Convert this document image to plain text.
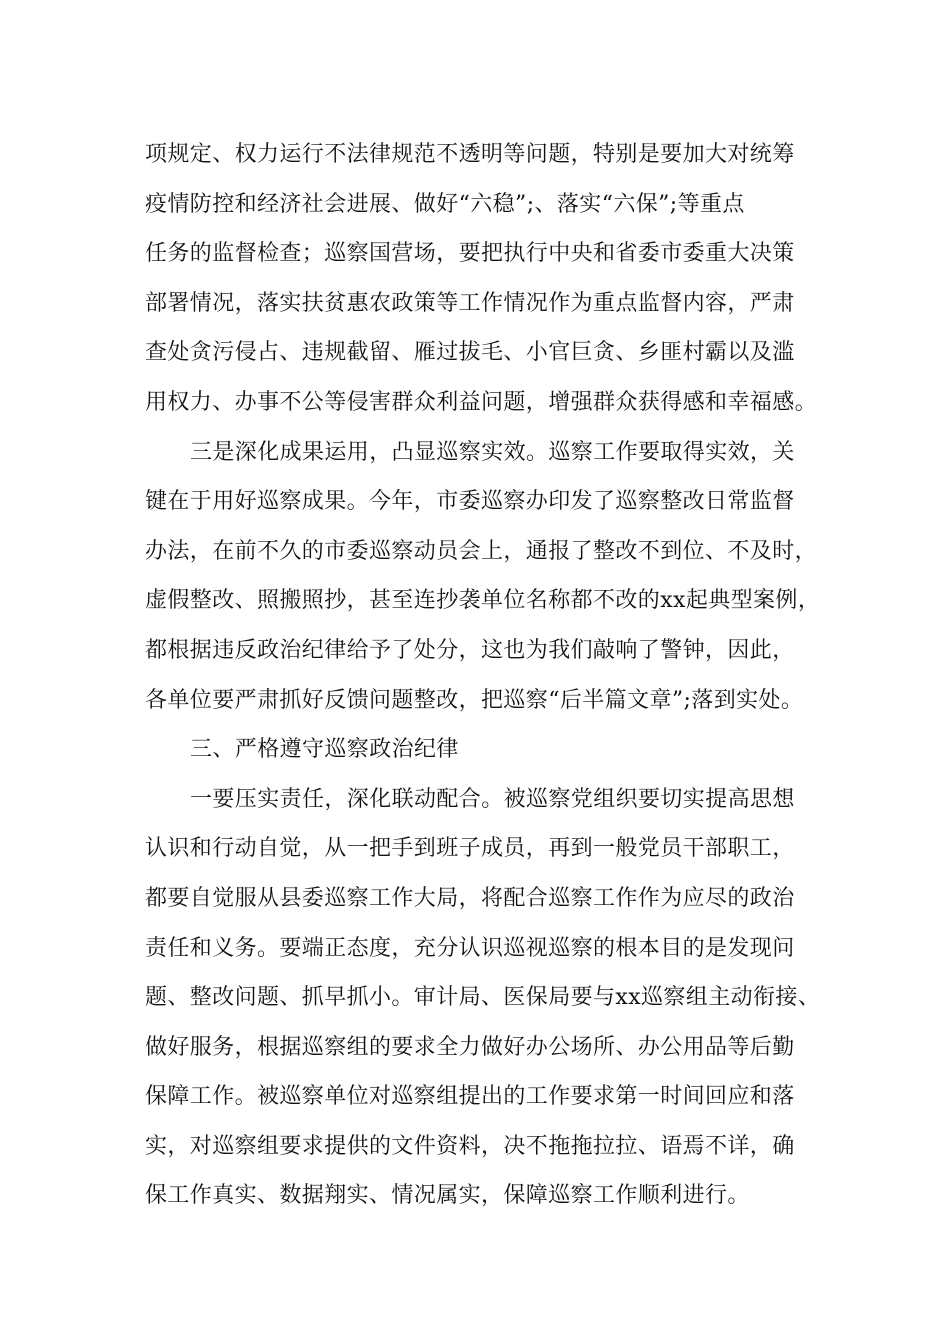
项规定、权力运行不法律规范不透明等问题，特别是要加大对统筹
疫情防控和经济社会进展、做好“六稳”;、落实“六保”;等重点
任务的监督检查；巡察国营场，要把执行中央和省委市委重大决策
部署情况，落实扶贫惠农政策等工作情况作为重点监督内容，严肃
查处贪污侵占、违规截留、雁过拔毛、小官巨贪、乡匪村霸以及滥
用权力、办事不公等侵害群众利益问题，增强群众获得感和幸福感。
三是深化成果运用，凸显巡察实效。巡察工作要取得实效，关
键在于用好巡察成果。今年，市委巡察办印发了巡察整改日常监督
办法，在前不久的市委巡察动员会上，通报了整改不到位、不及时，
虚假整改、照搬照抄，甚至连抄袭单位名称都不改的xx起典型案例，
都根据违反政治纪律给予了处分，这也为我们敲响了警钟，因此，
各单位要严肃抓好反馈问题整改，把巡察“后半篇文章”;落到实处。
三、严格遵守巡察政治纪律
一要压实责任，深化联动配合。被巡察党组织要切实提高思想
认识和行动自觉，从一把手到班子成员，再到一般党员干部职工，
都要自觉服从县委巡察工作大局，将配合巡察工作作为应尽的政治
责任和义务。要端正态度，充分认识巡视巡察的根本目的是发现问
题、整改问题、抓早抓小。审计局、医保局要与xx巡察组主动衔接、
做好服务，根据巡察组的要求全力做好办公场所、办公用品等后勤
保障工作。被巡察单位对巡察组提出的工作要求第一时间回应和落
实，对巡察组要求提供的文件资料，决不拖拖拉拉、语焉不详，确
保工作真实、数据翔实、情况属实，保障巡察工作顺利进行。
